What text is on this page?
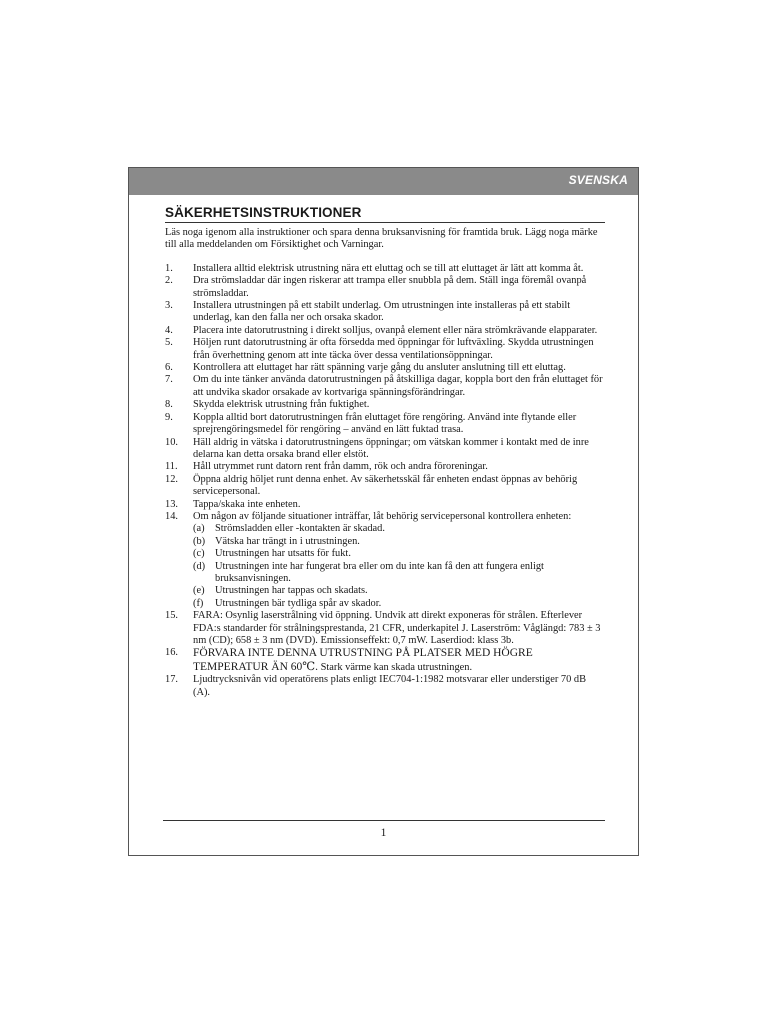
SVENSKA
SÄKERHETSINSTRUKTIONER

Läs noga igenom alla instruktioner och spara denna bruksanvisning för framtida bruk. Lägg noga märke till alla meddelanden om Försiktighet och Varningar.

1.	Installera alltid elektrisk utrustning nära ett eluttag och se till att eluttaget är lätt att komma åt.
2.	Dra strömsladdar där ingen riskerar att trampa eller snubbla på dem. Ställ inga föremål ovanpå strömsladdar.
3.	Installera utrustningen på ett stabilt underlag. Om utrustningen inte installeras på ett stabilt underlag, kan den falla ner och orsaka skador.
4.	Placera inte datorutrustning i direkt solljus, ovanpå element eller nära strömkrävande elapparater.
5.	Höljen runt datorutrustning är ofta försedda med öppningar för luftväxling. Skydda utrustningen från överhettning genom att inte täcka över dessa ventilationsöppningar.
6.	Kontrollera att eluttaget har rätt spänning varje gång du ansluter anslutning till ett eluttag.
7.	Om du inte tänker använda datorutrustningen på åtskilliga dagar, koppla bort den från eluttaget för att undvika skador orsakade av kortvariga spänningsförändringar.
8.	Skydda elektrisk utrustning från fuktighet.
9.	Koppla alltid bort datorutrustningen från eluttaget före rengöring. Använd inte flytande eller sprejrengöringsmedel för rengöring – använd en lätt fuktad trasa.
10.	Häll aldrig in vätska i datorutrustningens öppningar; om vätskan kommer i kontakt med de inre delarna kan detta orsaka brand eller elstöt.
11.	Håll utrymmet runt datorn rent från damm, rök och andra föroreningar.
12.	Öppna aldrig höljet runt denna enhet. Av säkerhetsskäl får enheten endast öppnas av behörig servicepersonal.
13.	Tappa/skaka inte enheten.
14.	Om någon av följande situationer inträffar, låt behörig servicepersonal kontrollera enheten:
(a)	Strömsladden eller -kontakten är skadad.
(b) Vätska har trängt in i utrustningen.
(c)	Utrustningen har utsatts för fukt.
(d) Utrustningen inte har fungerat bra eller om du inte kan få den att fungera enligt bruksanvisningen.
(e)	Utrustningen har tappas och skadats.
(f)	Utrustningen bär tydliga spår av skador.
15.	FARA: Osynlig laserstrålning vid öppning. Undvik att direkt exponeras för strålen. Efterlever FDA:s standarder för strålningsprestanda, 21 CFR, underkapitel J. Laserström: Våglängd: 783 ± 3 nm (CD); 658 ± 3 nm (DVD). Emissionseffekt: 0,7 mW. Laserdiod: klass 3b.
16.	FÖRVARA INTE DENNA UTRUSTNING PÅ PLATSER MED HÖGRE TEMPERATUR ÄN 60℃. Stark värme kan skada utrustningen.
17.	Ljudtrycksnivån vid operatörens plats enligt IEC704-1:1982 motsvarar eller understiger 70 dB (A).
1
